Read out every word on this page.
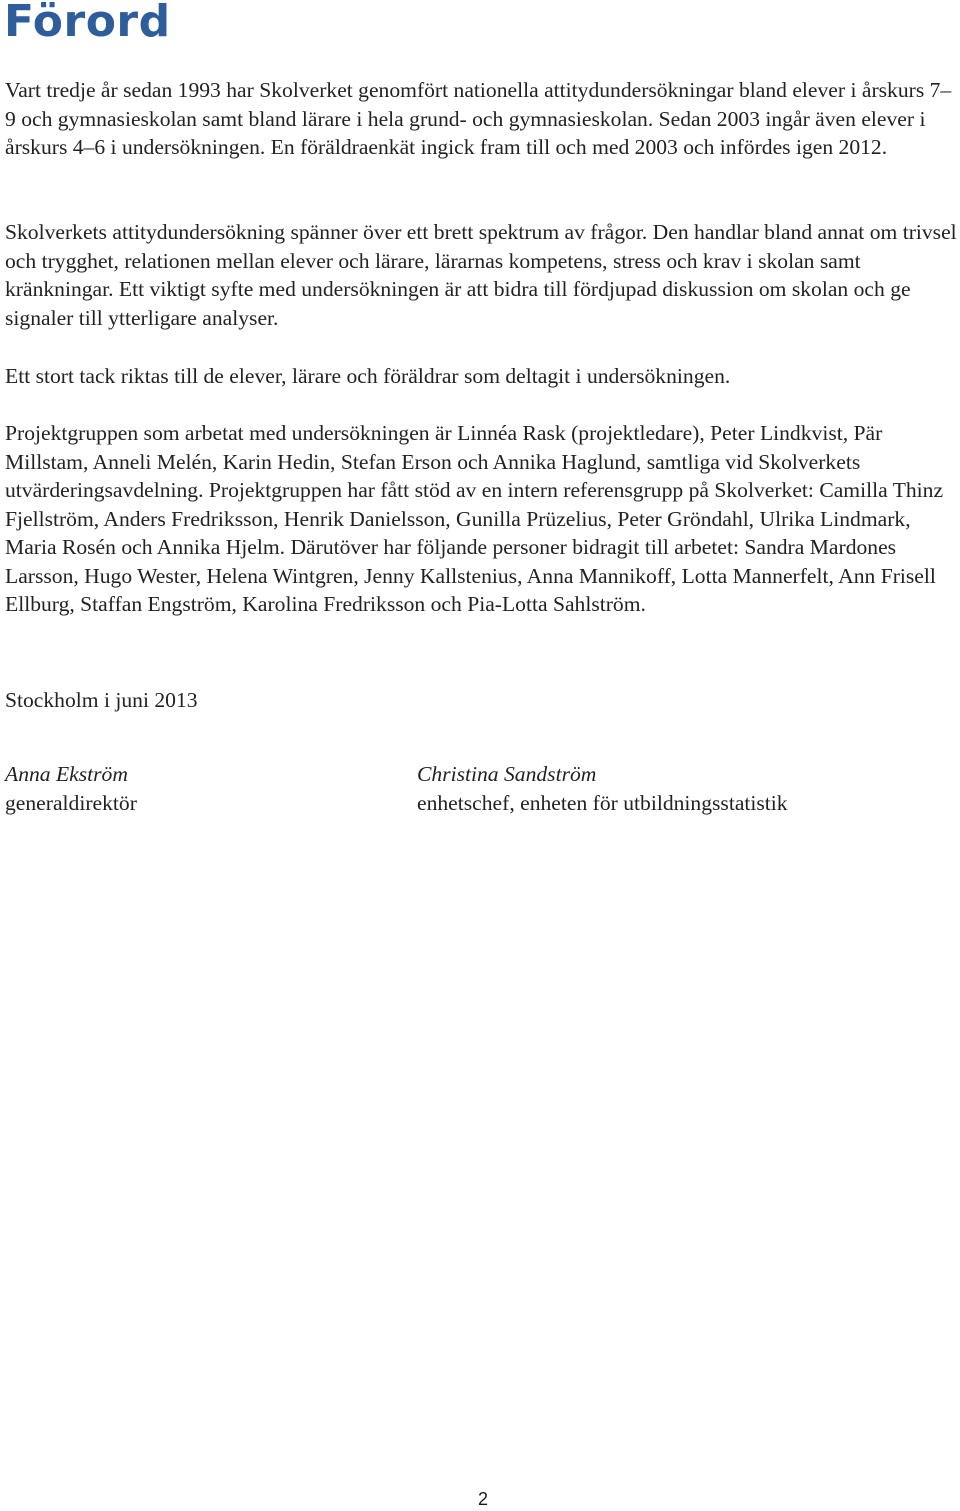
Förord

Vart tredje år sedan 1993 har Skolverket genomfört nationella attitydundersökningar bland elever i årskurs 7–9 och gymnasieskolan samt bland lärare i hela grund- och gymnasieskolan. Sedan 2003 ingår även elever i årskurs 4–6 i undersökningen. En föräldraenkät ingick fram till och med 2003 och infördes igen 2012.

Skolverkets attitydundersökning spänner över ett brett spektrum av frågor. Den handlar bland annat om trivsel och trygghet, relationen mellan elever och lärare, lärarnas kompetens, stress och krav i skolan samt kränkningar. Ett viktigt syfte med undersökningen är att bidra till fördjupad diskussion om skolan och ge signaler till ytterligare analyser.

Ett stort tack riktas till de elever, lärare och föräldrar som deltagit i undersökningen.

Projektgruppen som arbetat med undersökningen är Linnéa Rask (projektledare), Peter Lindkvist, Pär Millstam, Anneli Melén, Karin Hedin, Stefan Erson och Annika Haglund, samtliga vid Skolverkets utvärderingsavdelning. Projektgruppen har fått stöd av en intern referensgrupp på Skolverket: Camilla Thinz Fjellström, Anders Fredriksson, Henrik Danielsson, Gunilla Prüzelius, Peter Gröndahl, Ulrika Lindmark, Maria Rosén och Annika Hjelm. Därutöver har följande personer bidragit till arbetet: Sandra Mardones Larsson, Hugo Wester, Helena Wintgren, Jenny Kallstenius, Anna Mannikoff, Lotta Mannerfelt, Ann Frisell Ellburg, Staffan Engström, Karolina Fredriksson och Pia-Lotta Sahlström.

Stockholm i juni 2013

Anna Ekström
generaldirektör
Christina Sandström
enhetschef, enheten för utbildningsstatistik
2
